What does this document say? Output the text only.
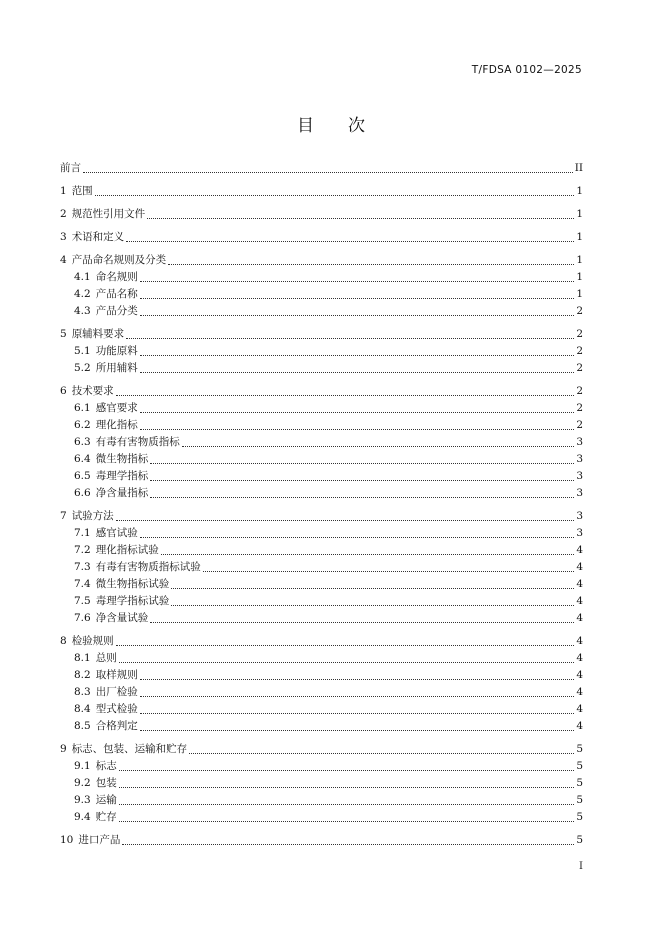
T/FDSA 0102—2025
目　　次
前言	II
1 范围	1
2 规范性引用文件	1
3 术语和定义	1
4 产品命名规则及分类	1
4.1 命名规则	1
4.2 产品名称	1
4.3 产品分类	2
5 原辅料要求	2
5.1 功能原料	2
5.2 所用辅料	2
6 技术要求	2
6.1 感官要求	2
6.2 理化指标	2
6.3 有毒有害物质指标	3
6.4 微生物指标	3
6.5 毒理学指标	3
6.6 净含量指标	3
7 试验方法	3
7.1 感官试验	3
7.2 理化指标试验	4
7.3 有毒有害物质指标试验	4
7.4 微生物指标试验	4
7.5 毒理学指标试验	4
7.6 净含量试验	4
8 检验规则	4
8.1 总则	4
8.2 取样规则	4
8.3 出厂检验	4
8.4 型式检验	4
8.5 合格判定	4
9 标志、包装、运输和贮存	5
9.1 标志	5
9.2 包装	5
9.3 运输	5
9.4 贮存	5
10 进口产品	5
I
